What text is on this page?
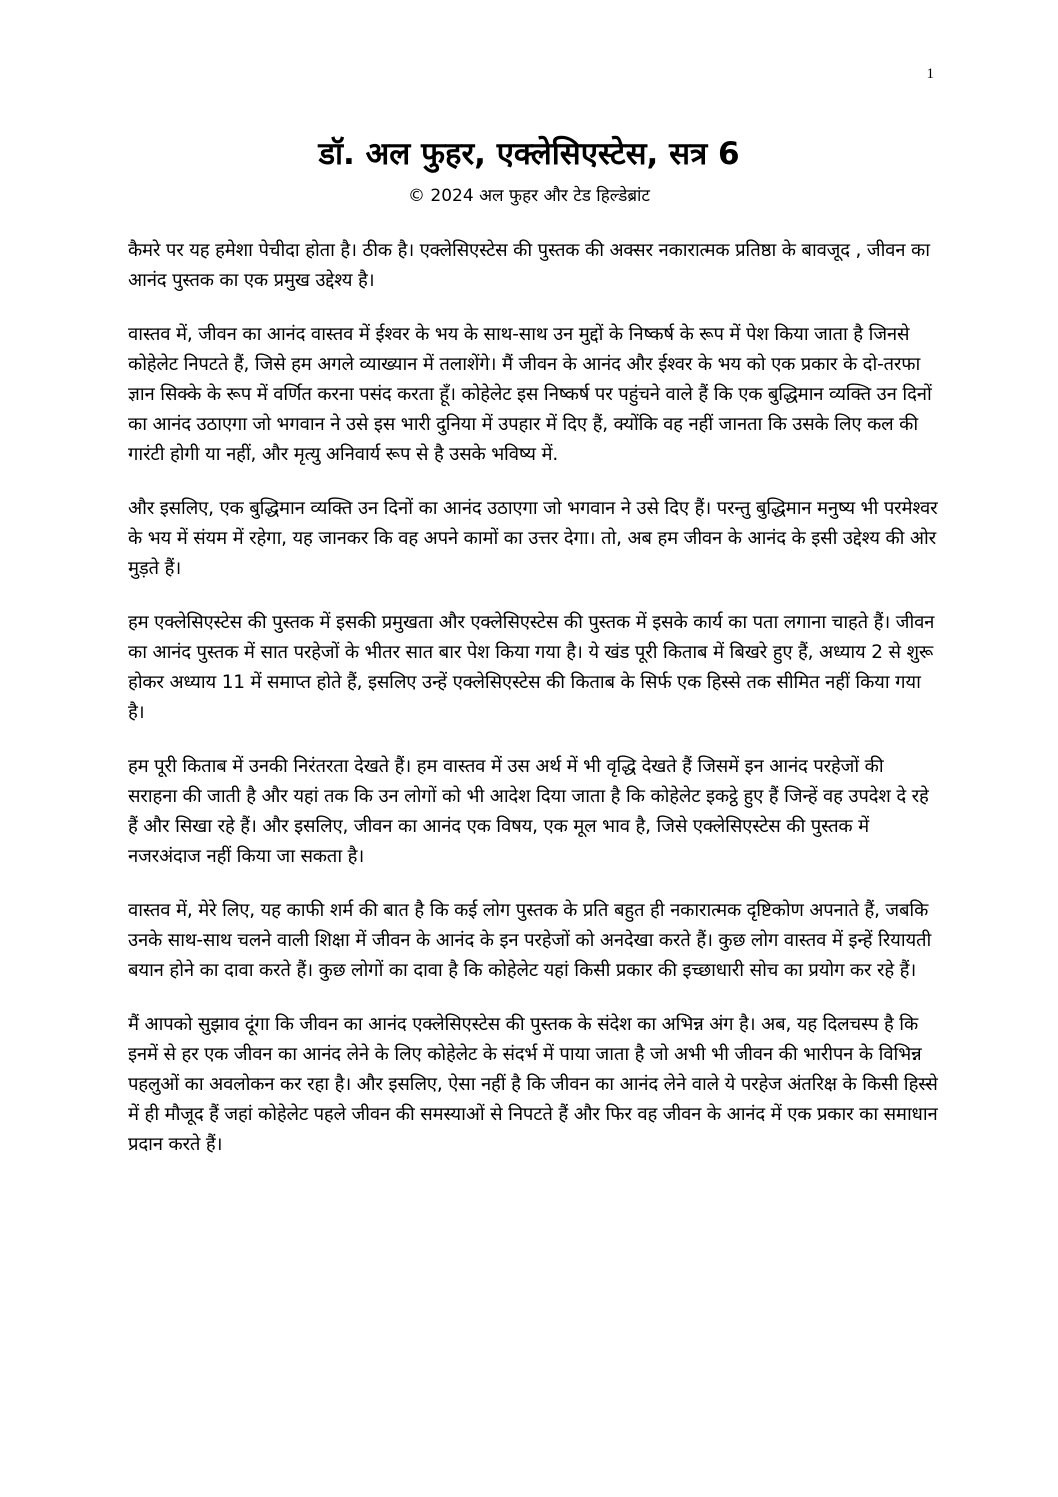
1
डॉ. अल फुहर, एक्लेसिएस्टेस, सत्र 6
© 2024 अल फुहर और टेड हिल्डेब्रांट

कैमरे पर यह हमेशा पेचीदा होता है। ठीक है। एक्लेसिएस्टेस की पुस्तक की अक्सर नकारात्मक प्रतिष्ठा के बावजूद , जीवन का आनंद पुस्तक का एक प्रमुख उद्देश्य है।

वास्तव में, जीवन का आनंद वास्तव में ईश्वर के भय के साथ-साथ उन मुद्दों के निष्कर्ष के रूप में पेश किया जाता है जिनसे कोहेलेट निपटते हैं, जिसे हम अगले व्याख्यान में तलाशेंगे। मैं जीवन के आनंद और ईश्वर के भय को एक प्रकार के दो-तरफा ज्ञान सिक्के के रूप में वर्णित करना पसंद करता हूँ। कोहेलेट इस निष्कर्ष पर पहुंचने वाले हैं कि एक बुद्धिमान व्यक्ति उन दिनों का आनंद उठाएगा जो भगवान ने उसे इस भारी दुनिया में उपहार में दिए हैं, क्योंकि वह नहीं जानता कि उसके लिए कल की गारंटी होगी या नहीं, और मृत्यु अनिवार्य रूप से है उसके भविष्य में.

और इसलिए, एक बुद्धिमान व्यक्ति उन दिनों का आनंद उठाएगा जो भगवान ने उसे दिए हैं। परन्तु बुद्धिमान मनुष्य भी परमेश्वर के भय में संयम में रहेगा, यह जानकर कि वह अपने कामों का उत्तर देगा। तो, अब हम जीवन के आनंद के इसी उद्देश्य की ओर मुड़ते हैं।

हम एक्लेसिएस्टेस की पुस्तक में इसकी प्रमुखता और एक्लेसिएस्टेस की पुस्तक में इसके कार्य का पता लगाना चाहते हैं। जीवन का आनंद पुस्तक में सात परहेजों के भीतर सात बार पेश किया गया है। ये खंड पूरी किताब में बिखरे हुए हैं, अध्याय 2 से शुरू होकर अध्याय 11 में समाप्त होते हैं, इसलिए उन्हें एक्लेसिएस्टेस की किताब के सिर्फ एक हिस्से तक सीमित नहीं किया गया है।

हम पूरी किताब में उनकी निरंतरता देखते हैं। हम वास्तव में उस अर्थ में भी वृद्धि देखते हैं जिसमें इन आनंद परहेजों की सराहना की जाती है और यहां तक कि उन लोगों को भी आदेश दिया जाता है कि कोहेलेट इकट्ठे हुए हैं जिन्हें वह उपदेश दे रहे हैं और सिखा रहे हैं। और इसलिए, जीवन का आनंद एक विषय, एक मूल भाव है, जिसे एक्लेसिएस्टेस की पुस्तक में नजरअंदाज नहीं किया जा सकता है।

वास्तव में, मेरे लिए, यह काफी शर्म की बात है कि कई लोग पुस्तक के प्रति बहुत ही नकारात्मक दृष्टिकोण अपनाते हैं, जबकि उनके साथ-साथ चलने वाली शिक्षा में जीवन के आनंद के इन परहेजों को अनदेखा करते हैं। कुछ लोग वास्तव में इन्हें रियायती बयान होने का दावा करते हैं। कुछ लोगों का दावा है कि कोहेलेट यहां किसी प्रकार की इच्छाधारी सोच का प्रयोग कर रहे हैं।

मैं आपको सुझाव दूंगा कि जीवन का आनंद एक्लेसिएस्टेस की पुस्तक के संदेश का अभिन्न अंग है। अब, यह दिलचस्प है कि इनमें से हर एक जीवन का आनंद लेने के लिए कोहेलेट के संदर्भ में पाया जाता है जो अभी भी जीवन की भारीपन के विभिन्न पहलुओं का अवलोकन कर रहा है। और इसलिए, ऐसा नहीं है कि जीवन का आनंद लेने वाले ये परहेज अंतरिक्ष के किसी हिस्से में ही मौजूद हैं जहां कोहेलेट पहले जीवन की समस्याओं से निपटते हैं और फिर वह जीवन के आनंद में एक प्रकार का समाधान प्रदान करते हैं।
